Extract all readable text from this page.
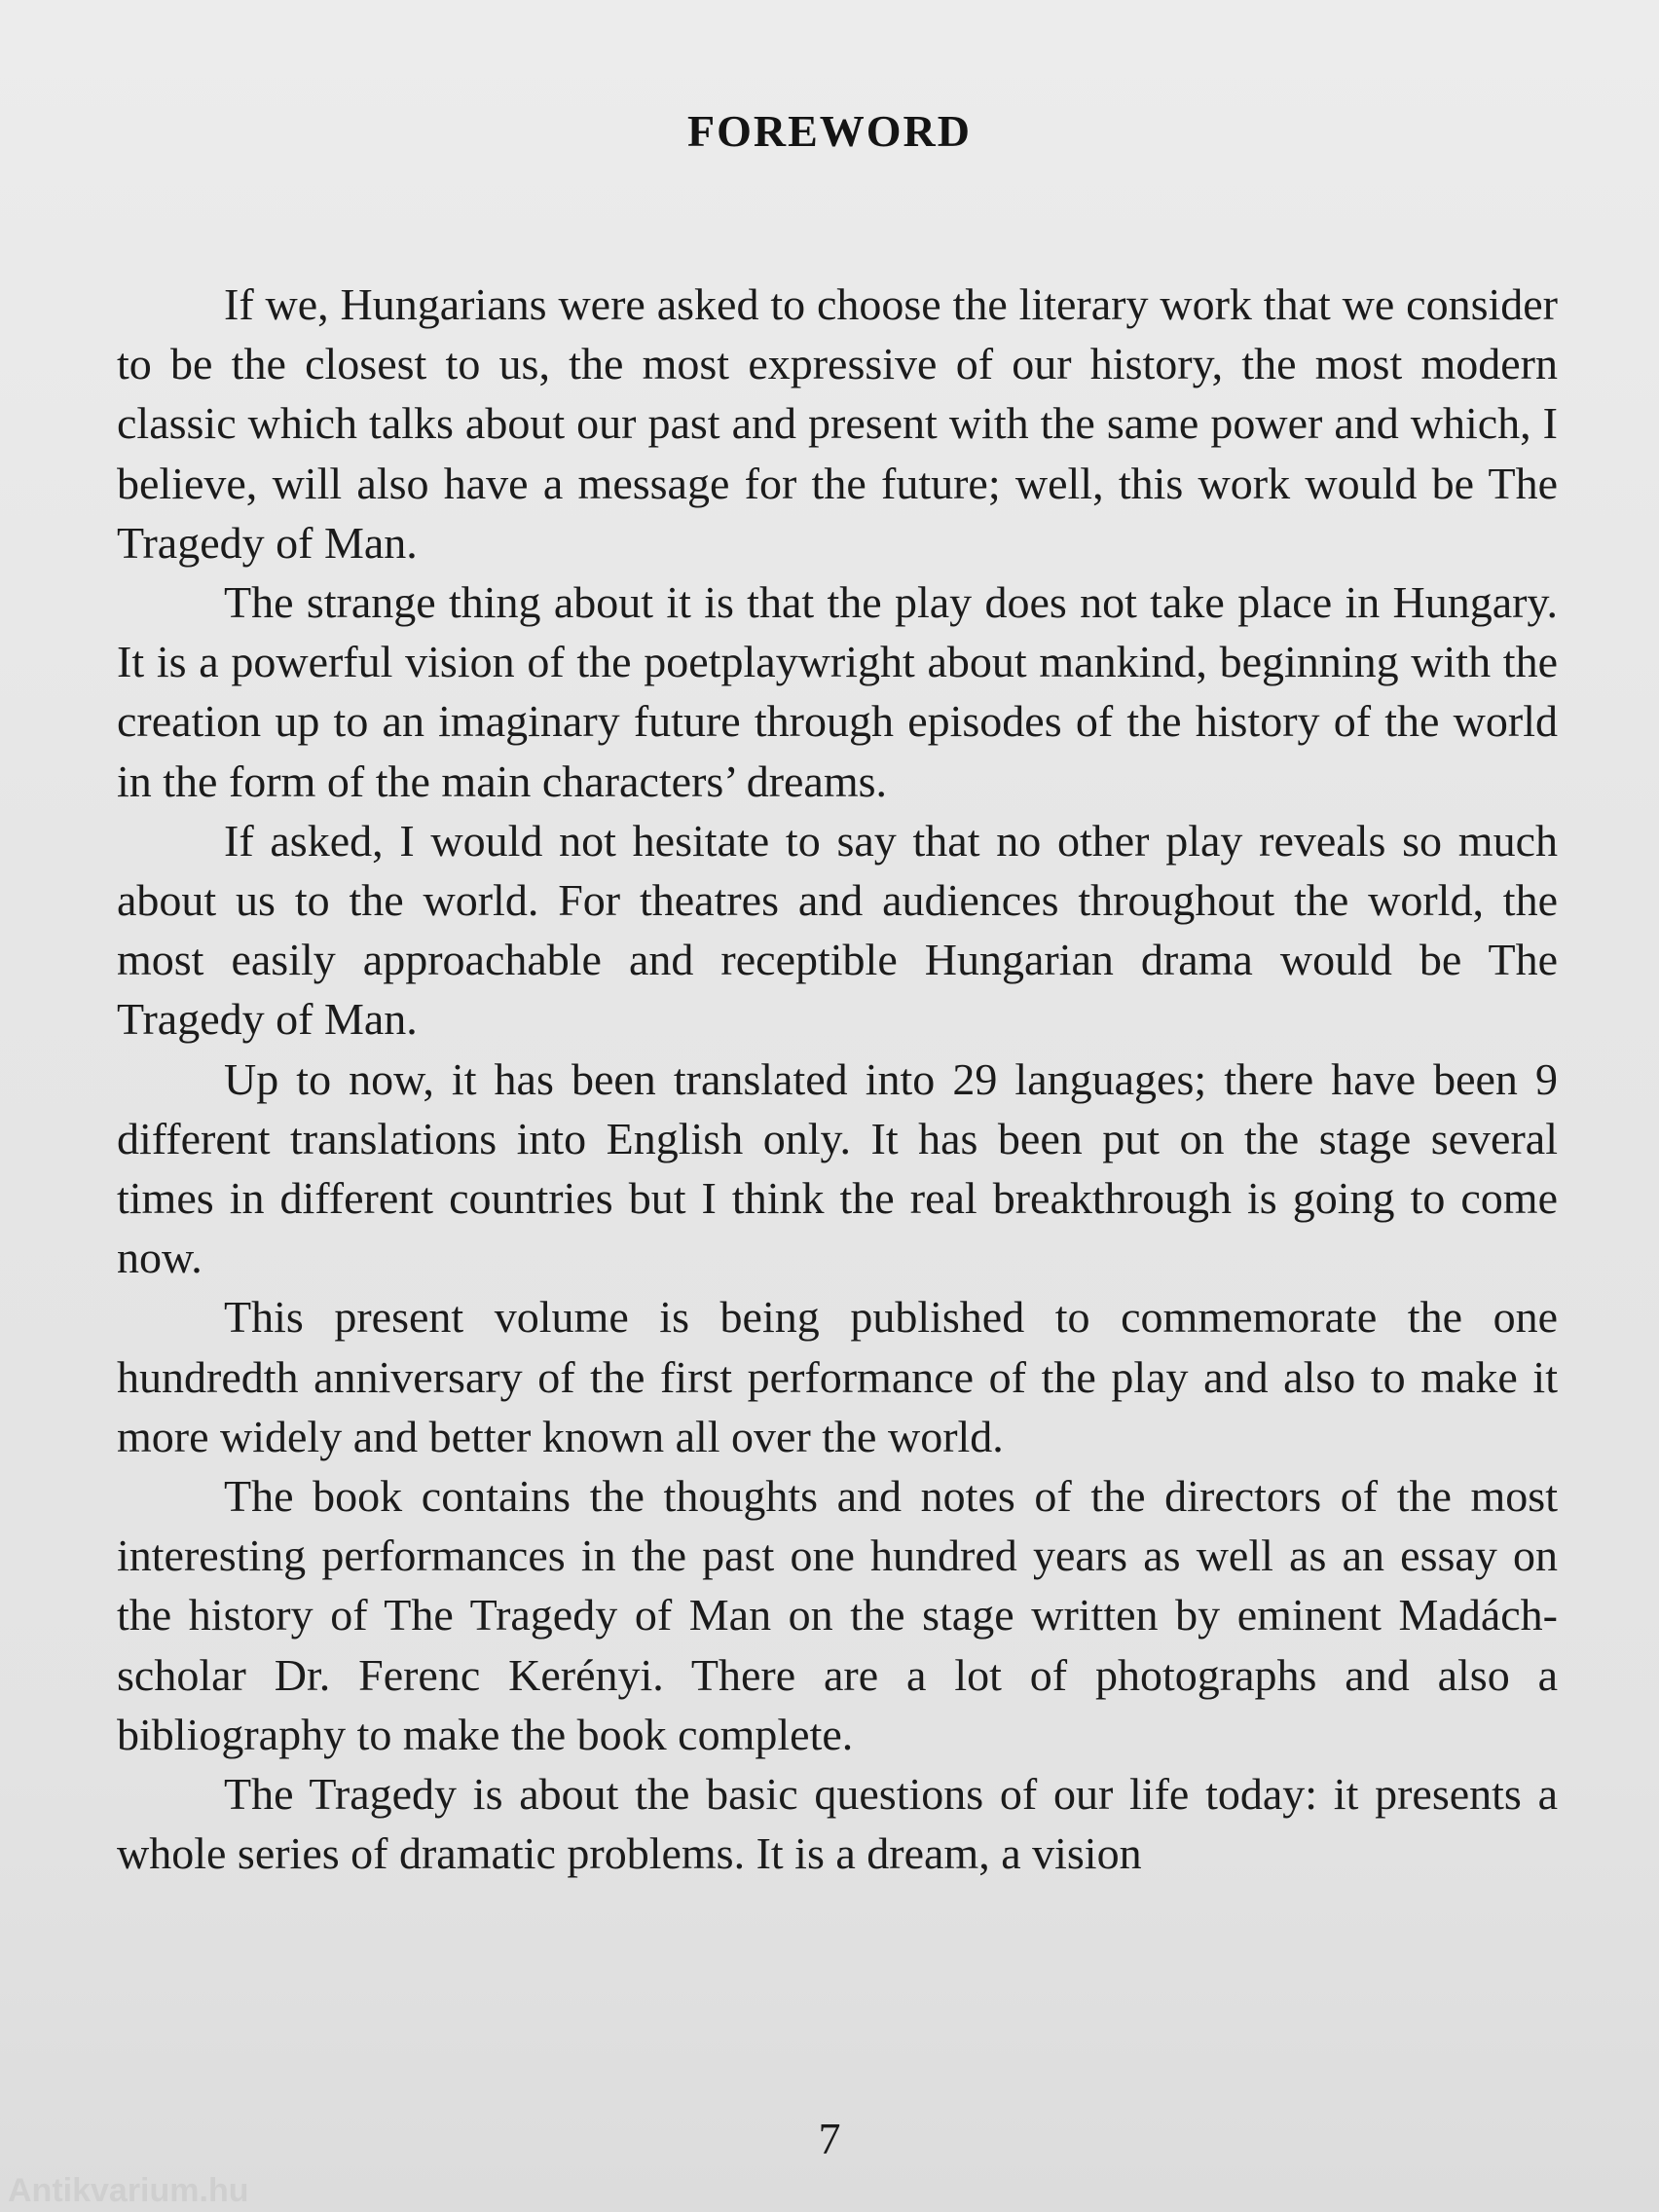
FOREWORD

If we, Hungarians were asked to choose the literary work that we consider to be the closest to us, the most expressive of our history, the most modern classic which talks about our past and present with the same power and which, I believe, will also have a message for the future; well, this work would be The Tragedy of Man.

The strange thing about it is that the play does not take place in Hungary. It is a powerful vision of the poetplaywright about mankind, beginning with the creation up to an imaginary future through episodes of the history of the world in the form of the main characters’ dreams.

If asked, I would not hesitate to say that no other play reveals so much about us to the world. For theatres and audiences throughout the world, the most easily approachable and receptible Hungarian drama would be The Tragedy of Man.

Up to now, it has been translated into 29 languages; there have been 9 different translations into English only. It has been put on the stage several times in different countries but I think the real breakthrough is going to come now.

This present volume is being published to commemorate the one hundredth anniversary of the first performance of the play and also to make it more widely and better known all over the world.

The book contains the thoughts and notes of the directors of the most interesting performances in the past one hundred years as well as an essay on the history of The Tragedy of Man on the stage written by eminent Madách-scholar Dr. Ferenc Kerényi. There are a lot of photographs and also a bibliography to make the book complete.

The Tragedy is about the basic questions of our life today: it presents a whole series of dramatic problems. It is a dream, a vision

7

Antikvarium.hu
